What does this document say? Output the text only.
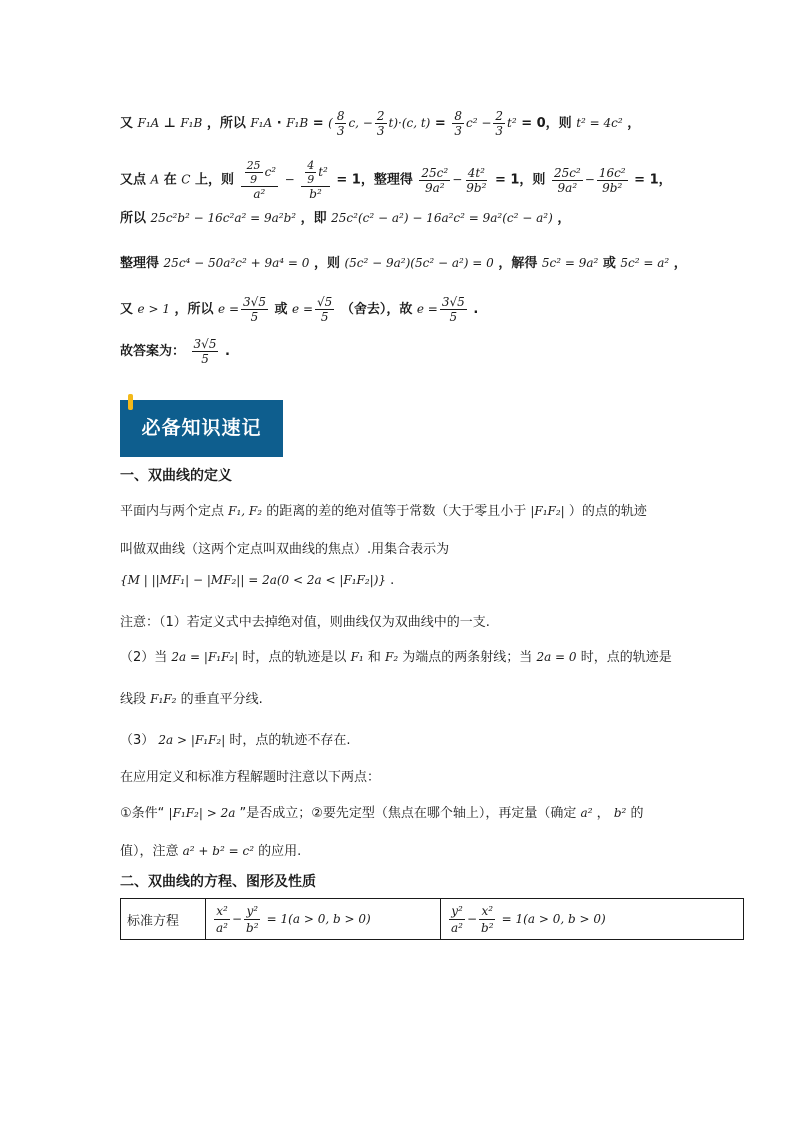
又 F₁A ⊥ F₁B ，所以 F₁A · F₁B = ( $\frac{8}{3} c$, − $\frac{2}{3} t)\cdot(c$, $t) = \frac{8}{3} c^2 - \frac{2}{3} t^2 = 0$，则 t² = 4c² ，
又点 A 在 C 上，则 $\frac{\frac{25}{9} c^2}{\text{a²}} - \frac{\frac{4}{9} t^2}{\text{b²}} = 1$，整理得 $\frac{\text{25c²}}{\text{9a²}} - \frac{\text{4t²}}{\text{9b²}} = 1$，则 $\frac{\text{25c²}}{\text{9a²}} - \frac{\text{16c²}}{\text{9b²}} = 1$，
所以 25c²b² − 16c²a² = 9a²b² ，即 25c²(c² − a²) − 16a²c² = 9a²(c² − a²) ，
整理得 25c⁴ − 50a²c² + 9a⁴ = 0 ，则 (5c² − 9a²)(5c² − a²) = 0 ，解得 5c² = 9a² 或 5c² = a² ，
又 e > 1 ，所以 $e = \frac{3√5}{5}$ 或 $e = \frac{√5}{5}$ （舍去），故 $e = \frac{3√5}{5}$ .
故答案为： $\frac{3√5}{5}$ .
必备知识速记
一、双曲线的定义
平面内与两个定点 F₁, F₂ 的距离的差的绝对值等于常数（大于零且小于 |F₁F₂| ）的点的轨迹
叫做双曲线（这两个定点叫双曲线的焦点）.用集合表示为
{M | ||MF₁| − |MF₂|| = 2a(0 < 2a < |F₁F₂|)} .
注意：（1）若定义式中去掉绝对值，则曲线仅为双曲线中的一支.
（2）当 2a = |F₁F₂| 时，点的轨迹是以 F₁ 和 F₂ 为端点的两条射线；当 2a = 0 时，点的轨迹是
线段 F₁F₂ 的垂直平分线.
（3） 2a > |F₁F₂| 时，点的轨迹不存在.
在应用定义和标准方程解题时注意以下两点：
①条件“ |F₁F₂| > 2a ”是否成立；②要先定型（焦点在哪个轴上），再定量（确定 a² ， b² 的
值），注意 a² + b² = c² 的应用.
二、双曲线的方程、图形及性质
标准方程	$\frac{\text{x²}}{\text{a²}} - \frac{\text{y²}}{\text{b²}} = 1(a > 0$, b > 0)	$\frac{\text{y²}}{\text{a²}} - \frac{\text{x²}}{\text{b²}} = 1(a > 0$, b > 0)
